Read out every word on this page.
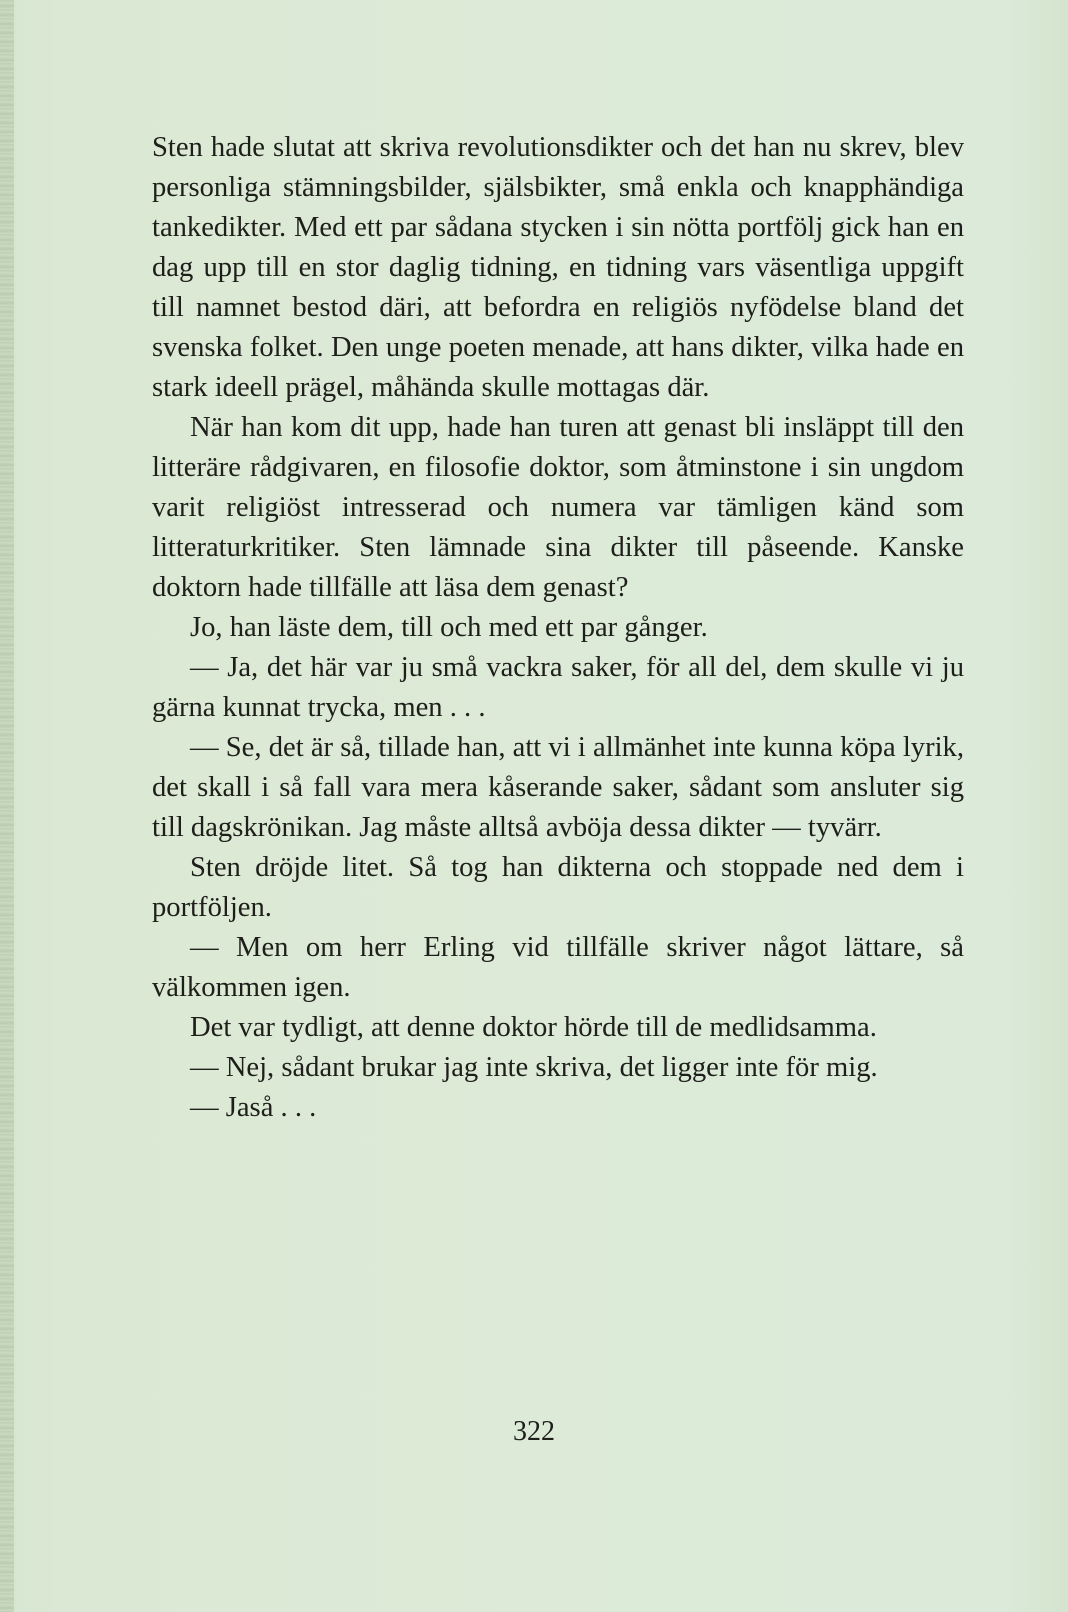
Sten hade slutat att skriva revolutionsdikter och det han nu skrev, blev personliga stämningsbilder, själsbikter, små enkla och knapphändiga tankedikter. Med ett par sådana stycken i sin nötta portfölj gick han en dag upp till en stor daglig tidning, en tidning vars väsentliga uppgift till namnet bestod däri, att befordra en religiös nyfödelse bland det svenska folket. Den unge poeten menade, att hans dikter, vilka hade en stark ideell prägel, måhända skulle mottagas där.

När han kom dit upp, hade han turen att genast bli insläppt till den litteräre rådgivaren, en filosofie doktor, som åtminstone i sin ungdom varit religiöst intresserad och numera var tämligen känd som litteraturkritiker. Sten lämnade sina dikter till påseende. Kanske doktorn hade tillfälle att läsa dem genast?

Jo, han läste dem, till och med ett par gånger.

— Ja, det här var ju små vackra saker, för all del, dem skulle vi ju gärna kunnat trycka, men . . .

— Se, det är så, tillade han, att vi i allmänhet inte kunna köpa lyrik, det skall i så fall vara mera kåserande saker, sådant som ansluter sig till dagskrönikan. Jag måste alltså avböja dessa dikter — tyvärr.

Sten dröjde litet. Så tog han dikterna och stoppade ned dem i portföljen.

— Men om herr Erling vid tillfälle skriver något lättare, så välkommen igen.

Det var tydligt, att denne doktor hörde till de medlidsamma.

— Nej, sådant brukar jag inte skriva, det ligger inte för mig.

— Jaså . . .

322
